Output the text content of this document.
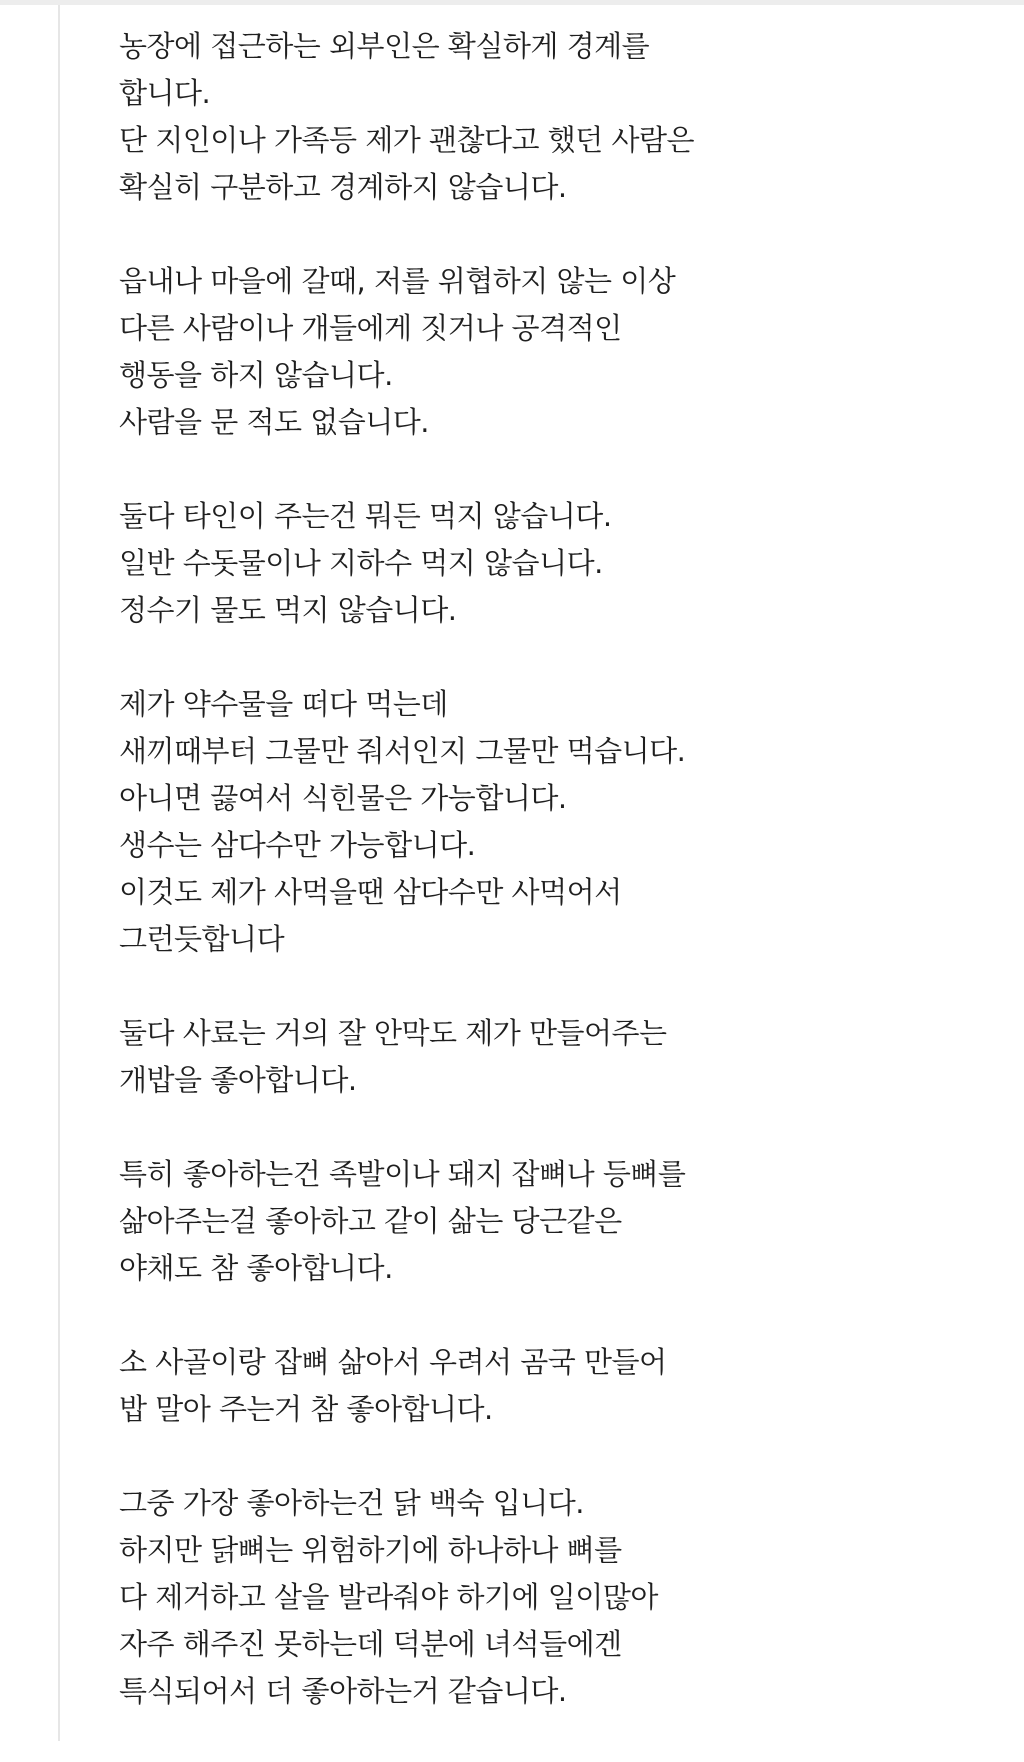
농장에 접근하는 외부인은 확실하게 경계를
합니다.
단 지인이나 가족등 제가 괜찮다고 했던 사람은
확실히 구분하고 경계하지 않습니다.
읍내나 마을에 갈때, 저를 위협하지 않는 이상
다른 사람이나 개들에게 짓거나 공격적인
행동을 하지 않습니다.
사람을 문 적도 없습니다.
둘다 타인이 주는건 뭐든 먹지 않습니다.
일반 수돗물이나 지하수 먹지 않습니다.
정수기 물도 먹지 않습니다.
제가 약수물을 떠다 먹는데
새끼때부터 그물만 줘서인지 그물만 먹습니다.
아니면 끓여서 식힌물은 가능합니다.
생수는 삼다수만 가능합니다.
이것도 제가 사먹을땐 삼다수만 사먹어서
그런듯합니다
둘다 사료는 거의 잘 안막도 제가 만들어주는
개밥을 좋아합니다.
특히 좋아하는건 족발이나 돼지 잡뼈나 등뼈를
삶아주는걸 좋아하고 같이 삶는 당근같은
야채도 참 좋아합니다.
소 사골이랑 잡뼈 삶아서 우려서 곰국 만들어
밥 말아 주는거 참 좋아합니다.
그중 가장 좋아하는건 닭 백숙 입니다.
하지만 닭뼈는 위험하기에 하나하나 뼈를
다 제거하고 살을 발라줘야 하기에 일이많아
자주 해주진 못하는데 덕분에 녀석들에겐
특식되어서 더 좋아하는거 같습니다.
